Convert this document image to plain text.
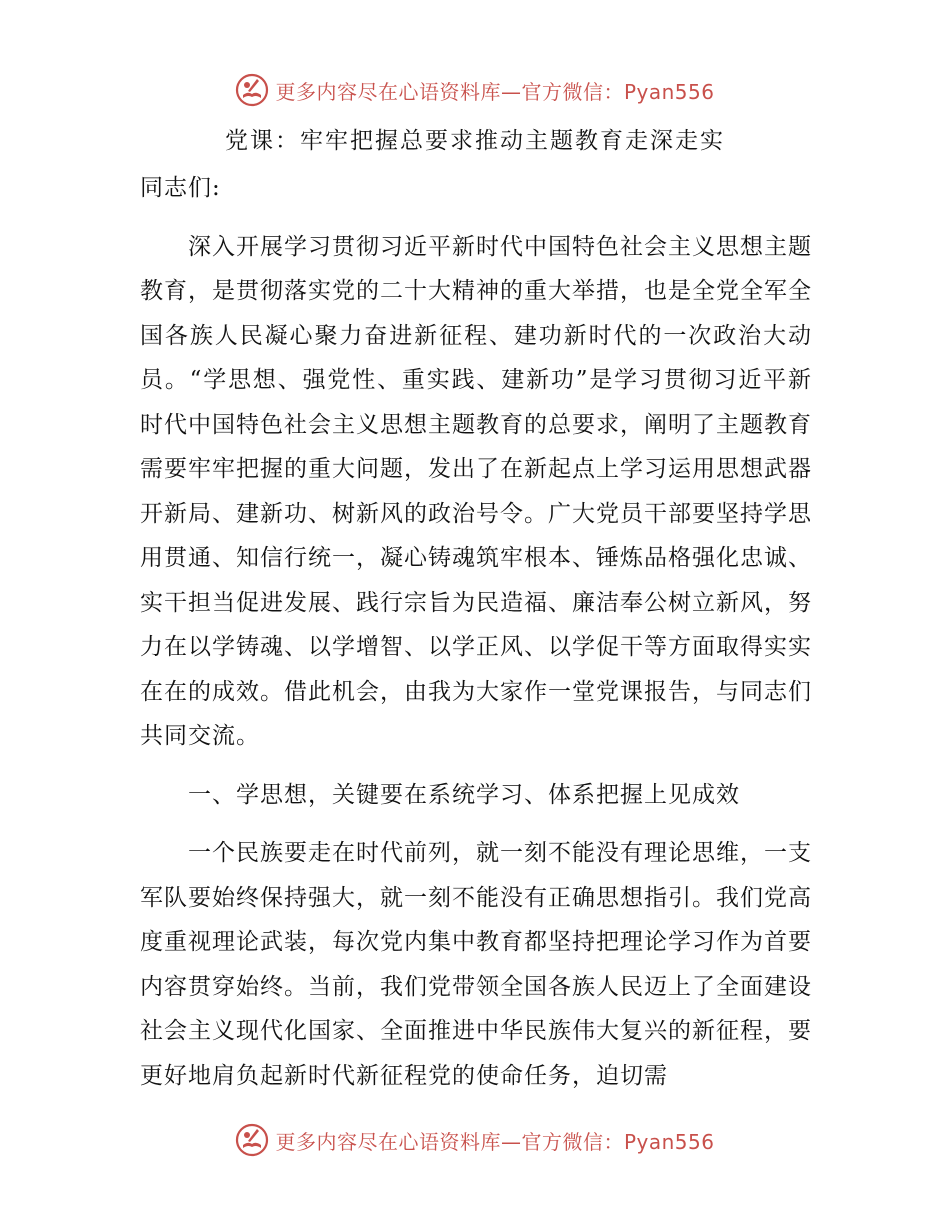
更多内容尽在心语资料库—官方微信：Pyan556
党课：牢牢把握总要求推动主题教育走深走实

同志们:

深入开展学习贯彻习近平新时代中国特色社会主义思想主题教育，是贯彻落实党的二十大精神的重大举措，也是全党全军全国各族人民凝心聚力奋进新征程、建功新时代的一次政治大动员。“学思想、强党性、重实践、建新功”是学习贯彻习近平新时代中国特色社会主义思想主题教育的总要求，阐明了主题教育需要牢牢把握的重大问题，发出了在新起点上学习运用思想武器开新局、建新功、树新风的政治号令。广大党员干部要坚持学思用贯通、知信行统一，凝心铸魂筑牢根本、锤炼品格强化忠诚、实干担当促进发展、践行宗旨为民造福、廉洁奉公树立新风，努力在以学铸魂、以学增智、以学正风、以学促干等方面取得实实在在的成效。借此机会，由我为大家作一堂党课报告，与同志们共同交流。

一、学思想，关键要在系统学习、体系把握上见成效

一个民族要走在时代前列，就一刻不能没有理论思维，一支军队要始终保持强大，就一刻不能没有正确思想指引。我们党高度重视理论武装，每次党内集中教育都坚持把理论学习作为首要内容贯穿始终。当前，我们党带领全国各族人民迈上了全面建设社会主义现代化国家、全面推进中华民族伟大复兴的新征程，要更好地肩负起新时代新征程党的使命任务，迫切需

更多内容尽在心语资料库—官方微信：Pyan556
